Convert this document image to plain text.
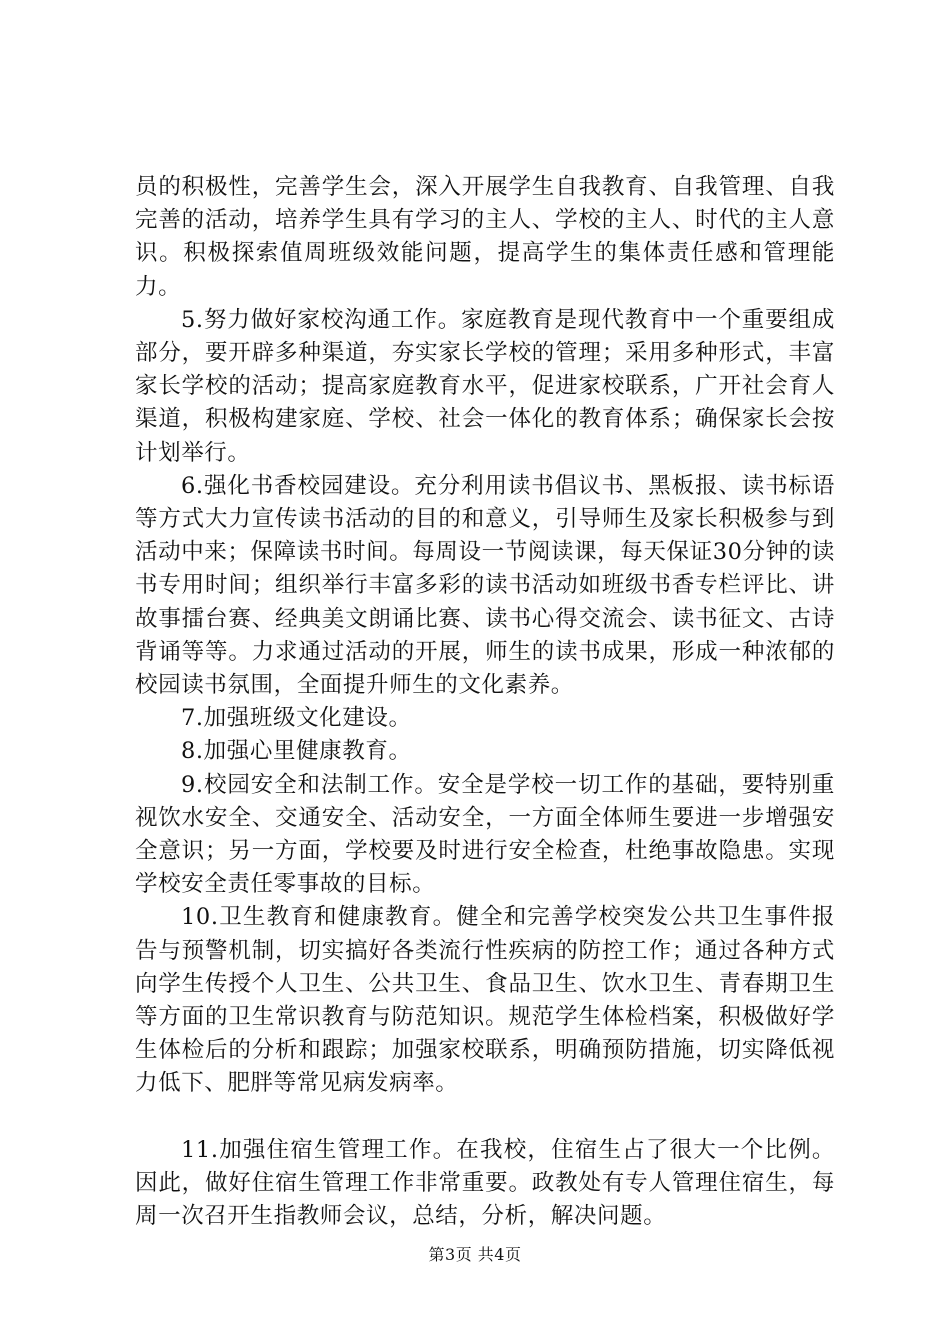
员的积极性，完善学生会，深入开展学生自我教育、自我管理、自我完善的活动，培养学生具有学习的主人、学校的主人、时代的主人意识。积极探索值周班级效能问题，提高学生的集体责任感和管理能力。

5.努力做好家校沟通工作。家庭教育是现代教育中一个重要组成部分，要开辟多种渠道，夯实家长学校的管理；采用多种形式，丰富家长学校的活动；提高家庭教育水平，促进家校联系，广开社会育人渠道，积极构建家庭、学校、社会一体化的教育体系；确保家长会按计划举行。

6.强化书香校园建设。充分利用读书倡议书、黑板报、读书标语等方式大力宣传读书活动的目的和意义，引导师生及家长积极参与到活动中来；保障读书时间。每周设一节阅读课，每天保证30分钟的读书专用时间；组织举行丰富多彩的读书活动如班级书香专栏评比、讲故事擂台赛、经典美文朗诵比赛、读书心得交流会、读书征文、古诗背诵等等。力求通过活动的开展，师生的读书成果，形成一种浓郁的校园读书氛围，全面提升师生的文化素养。

7.加强班级文化建设。

8.加强心里健康教育。

9.校园安全和法制工作。安全是学校一切工作的基础，要特别重视饮水安全、交通安全、活动安全，一方面全体师生要进一步增强安全意识；另一方面，学校要及时进行安全检查，杜绝事故隐患。实现学校安全责任零事故的目标。

10.卫生教育和健康教育。健全和完善学校突发公共卫生事件报告与预警机制，切实搞好各类流行性疾病的防控工作；通过各种方式向学生传授个人卫生、公共卫生、食品卫生、饮水卫生、青春期卫生等方面的卫生常识教育与防范知识。规范学生体检档案，积极做好学生体检后的分析和跟踪；加强家校联系，明确预防措施，切实降低视力低下、肥胖等常见病发病率。

11.加强住宿生管理工作。在我校，住宿生占了很大一个比例。因此，做好住宿生管理工作非常重要。政教处有专人管理住宿生，每周一次召开生指教师会议，总结，分析，解决问题。

第3页 共4页
